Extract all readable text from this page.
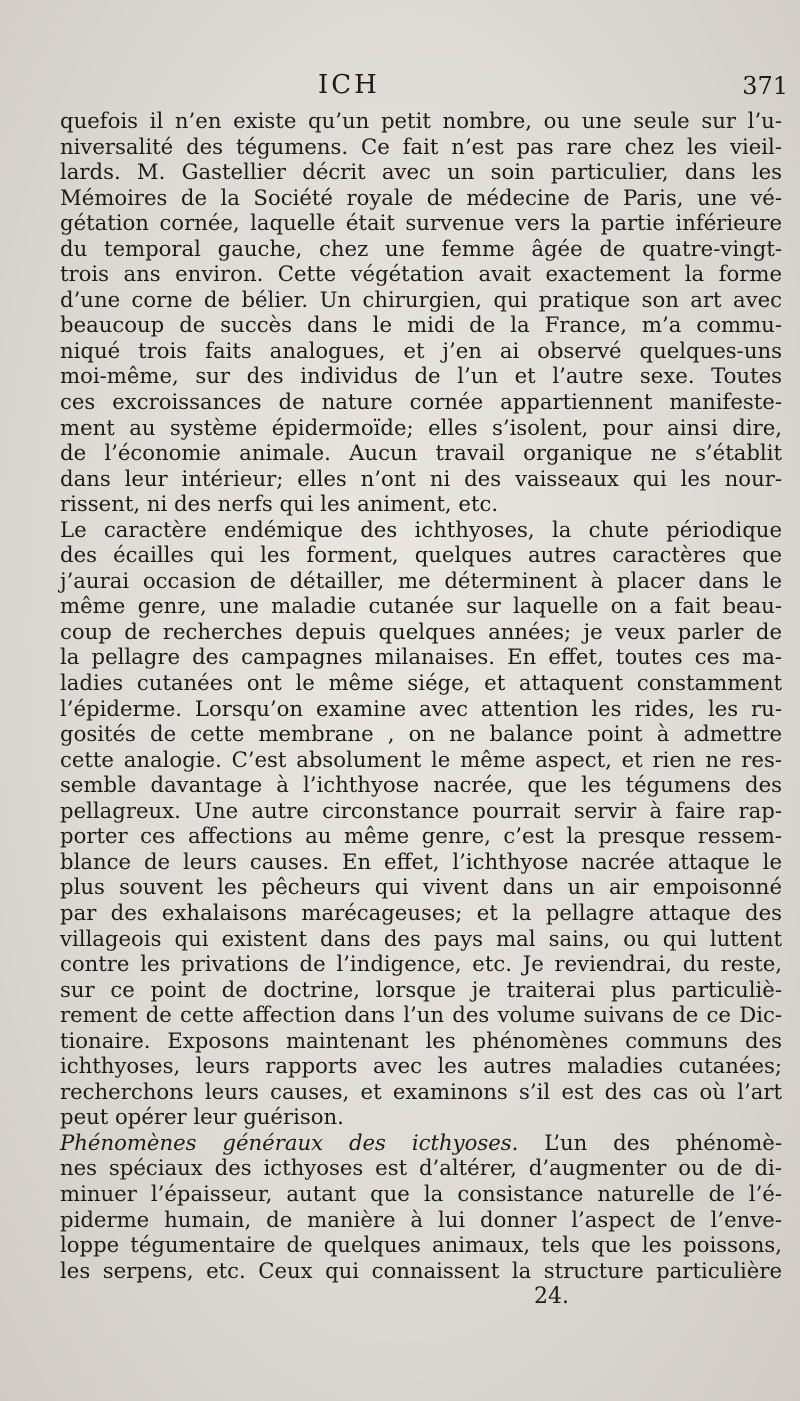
ICH	371
quefois il n’en existe qu’un petit nombre, ou une seule sur l’u-
niversalité des tégumens. Ce fait n’est pas rare chez les vieil-
lards. M. Gastellier décrit avec un soin particulier, dans les
Mémoires de la Société royale de médecine de Paris, une vé-
gétation cornée, laquelle était survenue vers la partie inférieure
du temporal gauche, chez une femme âgée de quatre-vingt-
trois ans environ. Cette végétation avait exactement la forme
d’une corne de bélier. Un chirurgien, qui pratique son art avec
beaucoup de succès dans le midi de la France, m’a commu-
niqué trois faits analogues, et j’en ai observé quelques-uns
moi-même, sur des individus de l’un et l’autre sexe. Toutes
ces excroissances de nature cornée appartiennent manifeste-
ment au système épidermoïde; elles s’isolent, pour ainsi dire,
de l’économie animale. Aucun travail organique ne s’établit
dans leur intérieur; elles n’ont ni des vaisseaux qui les nour-
rissent, ni des nerfs qui les animent, etc.
Le caractère endémique des ichthyoses, la chute périodique
des écailles qui les forment, quelques autres caractères que
j’aurai occasion de détailler, me déterminent à placer dans le
même genre, une maladie cutanée sur laquelle on a fait beau-
coup de recherches depuis quelques années; je veux parler de
la pellagre des campagnes milanaises. En effet, toutes ces ma-
ladies cutanées ont le même siége, et attaquent constamment
l’épiderme. Lorsqu’on examine avec attention les rides, les ru-
gosités de cette membrane , on ne balance point à admettre
cette analogie. C’est absolument le même aspect, et rien ne res-
semble davantage à l’ichthyose nacrée, que les tégumens des
pellagreux. Une autre circonstance pourrait servir à faire rap-
porter ces affections au même genre, c’est la presque ressem-
blance de leurs causes. En effet, l’ichthyose nacrée attaque le
plus souvent les pêcheurs qui vivent dans un air empoisonné
par des exhalaisons marécageuses; et la pellagre attaque des
villageois qui existent dans des pays mal sains, ou qui luttent
contre les privations de l’indigence, etc. Je reviendrai, du reste,
sur ce point de doctrine, lorsque je traiterai plus particuliè-
rement de cette affection dans l’un des volume suivans de ce Dic-
tionaire. Exposons maintenant les phénomènes communs des
ichthyoses, leurs rapports avec les autres maladies cutanées;
recherchons leurs causes, et examinons s’il est des cas où l’art
peut opérer leur guérison.
Phénomènes généraux des icthyoses. L’un des phénomè-
nes spéciaux des icthyoses est d’altérer, d’augmenter ou de di-
minuer l’épaisseur, autant que la consistance naturelle de l’é-
piderme humain, de manière à lui donner l’aspect de l’enve-
loppe tégumentaire de quelques animaux, tels que les poissons,
les serpens, etc. Ceux qui connaissent la structure particulière
24.
